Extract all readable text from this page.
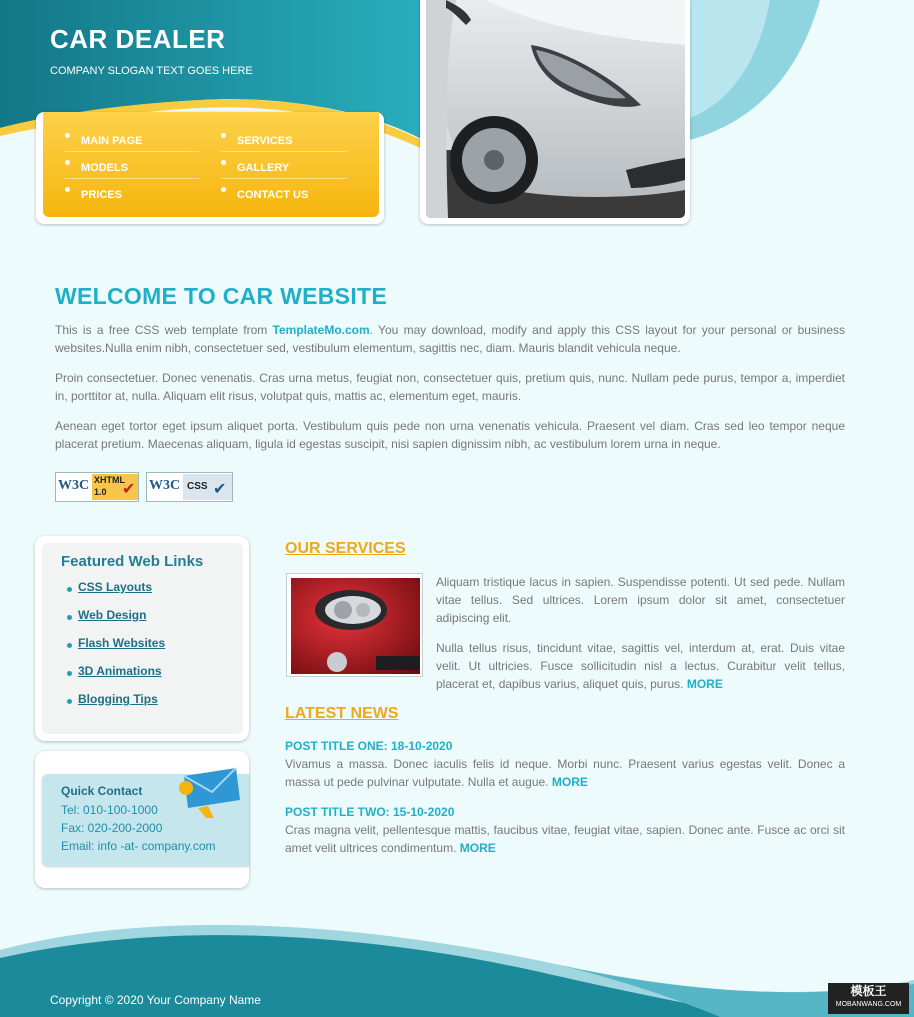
CAR DEALER
COMPANY SLOGAN TEXT GOES HERE
MAIN PAGE	SERVICES
MODELS	GALLERY
PRICES	CONTACT US
WELCOME TO CAR WEBSITE
This is a free CSS web template from TemplateMo.com. You may download, modify and apply this CSS layout for your personal or business websites.Nulla enim nibh, consectetuer sed, vestibulum elementum, sagittis nec, diam. Mauris blandit vehicula neque.
Proin consectetuer. Donec venenatis. Cras urna metus, feugiat non, consectetuer quis, pretium quis, nunc. Nullam pede purus, tempor a, imperdiet in, porttitor at, nulla. Aliquam elit risus, volutpat quis, mattis ac, elementum eget, mauris.
Aenean eget tortor eget ipsum aliquet porta. Vestibulum quis pede non urna venenatis vehicula. Praesent vel diam. Cras sed leo tempor neque placerat pretium. Maecenas aliquam, ligula id egestas suscipit, nisi sapien dignissim nibh, ac vestibulum lorem urna in neque.
W3C XHTML
1.0 ✔ W3C CSS ✔
Featured Web Links
CSS Layouts
Web Design
Flash Websites
3D Animations
Blogging Tips
Quick Contact
Tel: 010-100-1000
Fax: 020-200-2000
Email: info -at- company.com
OUR SERVICES
Aliquam tristique lacus in sapien. Suspendisse potenti. Ut sed pede. Nullam vitae tellus. Sed ultrices. Lorem ipsum dolor sit amet, consectetuer adipiscing elit.
Nulla tellus risus, tincidunt vitae, sagittis vel, interdum at, erat. Duis vitae velit. Ut ultricies. Fusce sollicitudin nisl a lectus. Curabitur velit tellus, placerat et, dapibus varius, aliquet quis, purus. MORE
LATEST NEWS
POST TITLE ONE: 18-10-2020
Vivamus a massa. Donec iaculis felis id neque. Morbi nunc. Praesent varius egestas velit. Donec a massa ut pede pulvinar vulputate. Nulla et augue. MORE
POST TITLE TWO: 15-10-2020
Cras magna velit, pellentesque mattis, faucibus vitae, feugiat vitae, sapien. Donec ante. Fusce ac orci sit amet velit ultrices condimentum. MORE
Copyright © 2020 Your Company Name
模板王
MOBANWANG.COM
